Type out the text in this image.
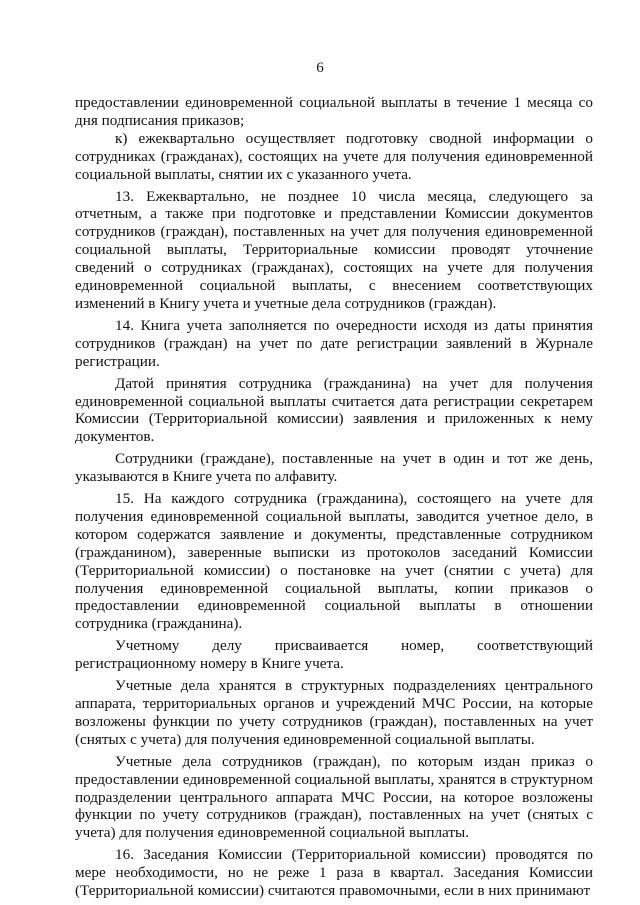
6

предоставлении единовременной социальной выплаты в течение 1 месяца со дня подписания приказов;

к) ежеквартально осуществляет подготовку сводной информации о сотрудниках (гражданах), состоящих на учете для получения единовременной социальной выплаты, снятии их с указанного учета.

13. Ежеквартально, не позднее 10 числа месяца, следующего за отчетным, а также при подготовке и представлении Комиссии документов сотрудников (граждан), поставленных на учет для получения единовременной социальной выплаты, Территориальные комиссии проводят уточнение сведений о сотрудниках (гражданах), состоящих на учете для получения единовременной социальной выплаты, с внесением соответствующих изменений в Книгу учета и учетные дела сотрудников (граждан).

14. Книга учета заполняется по очередности исходя из даты принятия сотрудников (граждан) на учет по дате регистрации заявлений в Журнале регистрации.

Датой принятия сотрудника (гражданина) на учет для получения единовременной социальной выплаты считается дата регистрации секретарем Комиссии (Территориальной комиссии) заявления и приложенных к нему документов.

Сотрудники (граждане), поставленные на учет в один и тот же день, указываются в Книге учета по алфавиту.

15. На каждого сотрудника (гражданина), состоящего на учете для получения единовременной социальной выплаты, заводится учетное дело, в котором содержатся заявление и документы, представленные сотрудником (гражданином), заверенные выписки из протоколов заседаний Комиссии (Территориальной комиссии) о постановке на учет (снятии с учета) для получения единовременной социальной выплаты, копии приказов о предоставлении единовременной социальной выплаты в отношении сотрудника (гражданина).

Учетному делу присваивается номер, соответствующий регистрационному номеру в Книге учета.

Учетные дела хранятся в структурных подразделениях центрального аппарата, территориальных органов и учреждений МЧС России, на которые возложены функции по учету сотрудников (граждан), поставленных на учет (снятых с учета) для получения единовременной социальной выплаты.

Учетные дела сотрудников (граждан), по которым издан приказ о предоставлении единовременной социальной выплаты, хранятся в структурном подразделении центрального аппарата МЧС России, на которое возложены функции по учету сотрудников (граждан), поставленных на учет (снятых с учета) для получения единовременной социальной выплаты.

16. Заседания Комиссии (Территориальной комиссии) проводятся по мере необходимости, но не реже 1 раза в квартал. Заседания Комиссии (Территориальной комиссии) считаются правомочными, если в них принимают
